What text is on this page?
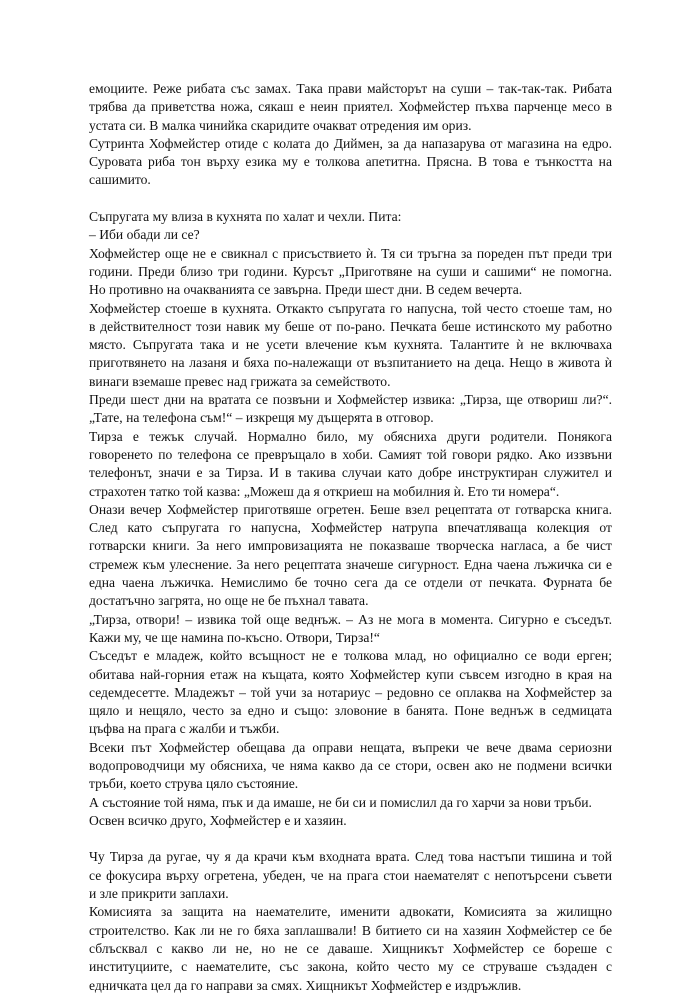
емоциите. Реже рибата със замах. Така прави майсторът на суши – так-так-так. Рибата
трябва да приветства ножа, сякаш е неин приятел. Хофмейстер пъхва парченце месо в
устата си. В малка чинийка скаридите очакват отредения им ориз.
Сутринта Хофмейстер отиде с колата до Диймен, за да напазарува от магазина на едро.
Суровата риба тон върху езика му е толкова апетитна. Прясна. В това е тънкостта на
сашимито.
Съпругата му влиза в кухнята по халат и чехли. Пита:
– Иби обади ли се?
Хофмейстер още не е свикнал с присъствието ѝ. Тя си тръгна за пореден път преди три
години. Преди близо три години. Курсът „Приготвяне на суши и сашими“ не помогна.
Но противно на очакванията се завърна. Преди шест дни. В седем вечерта.
Хофмейстер стоеше в кухнята. Откакто съпругата го напусна, той често стоеше там, но
в действителност този навик му беше от по-рано. Печката беше истинското му работно
място. Съпругата така и не усети влечение към кухнята. Талантите ѝ не включваха
приготвянето на лазаня и бяха по-належащи от възпитанието на деца. Нещо в живота ѝ
винаги вземаше превес над грижата за семейството.
Преди шест дни на вратата се позвъни и Хофмейстер извика: „Тирза, ще отвориш ли?“.
„Тате, на телефона съм!“ – изкрещя му дъщерята в отговор.
Тирза е тежък случай. Нормално било, му обясниха други родители. Понякога
говоренето по телефона се превръщало в хоби. Самият той говори рядко. Ако иззвъни
телефонът, значи е за Тирза. И в такива случаи като добре инструктиран служител и
страхотен татко той казва: „Можеш да я откриеш на мобилния ѝ. Ето ти номера“.
Онази вечер Хофмейстер приготвяше огретен. Беше взел рецептата от готварска книга.
След като съпругата го напусна, Хофмейстер натрупа впечатляваща колекция от
готварски книги. За него импровизацията не показваше творческа нагласа, а бе чист
стремеж към улеснение. За него рецептата значеше сигурност. Една чаена лъжичка си е
една чаена лъжичка. Немислимо бе точно сега да се отдели от печката. Фурната бе
достатъчно загрята, но още не бе пъхнал тавата.
„Тирза, отвори! – извика той още веднъж. – Аз не мога в момента. Сигурно е съседът.
Кажи му, че ще намина по-късно. Отвори, Тирза!“
Съседът е младеж, който всъщност не е толкова млад, но официално се води ерген;
обитава най-горния етаж на къщата, която Хофмейстер купи съвсем изгодно в края на
седемдесетте. Младежът – той учи за нотариус – редовно се оплаква на Хофмейстер за
щяло и нещяло, често за едно и също: зловоние в банята. Поне веднъж в седмицата
цъфва на прага с жалби и тъжби.
Всеки път Хофмейстер обещава да оправи нещата, въпреки че вече двама сериозни
водопроводчици му обясниха, че няма какво да се стори, освен ако не подмени всички
тръби, което струва цяло състояние.
А състояние той няма, пък и да имаше, не би си и помислил да го харчи за нови тръби.
Освен всичко друго, Хофмейстер е и хазяин.
Чу Тирза да ругае, чу я да крачи към входната врата. След това настъпи тишина и той
се фокусира върху огретена, убеден, че на прага стои наемателят с непотърсени съвети
и зле прикрити заплахи.
Комисията за защита на наемателите, именити адвокати, Комисията за жилищно
строителство. Как ли не го бяха заплашвали! В битието си на хазяин Хофмейстер се бе
сблъсквал с какво ли не, но не се даваше. Хищникът Хофмейстер се бореше с
институциите, с наемателите, със закона, който често му се струваше създаден с
едничката цел да го направи за смях. Хищникът Хофмейстер е издръжлив.
